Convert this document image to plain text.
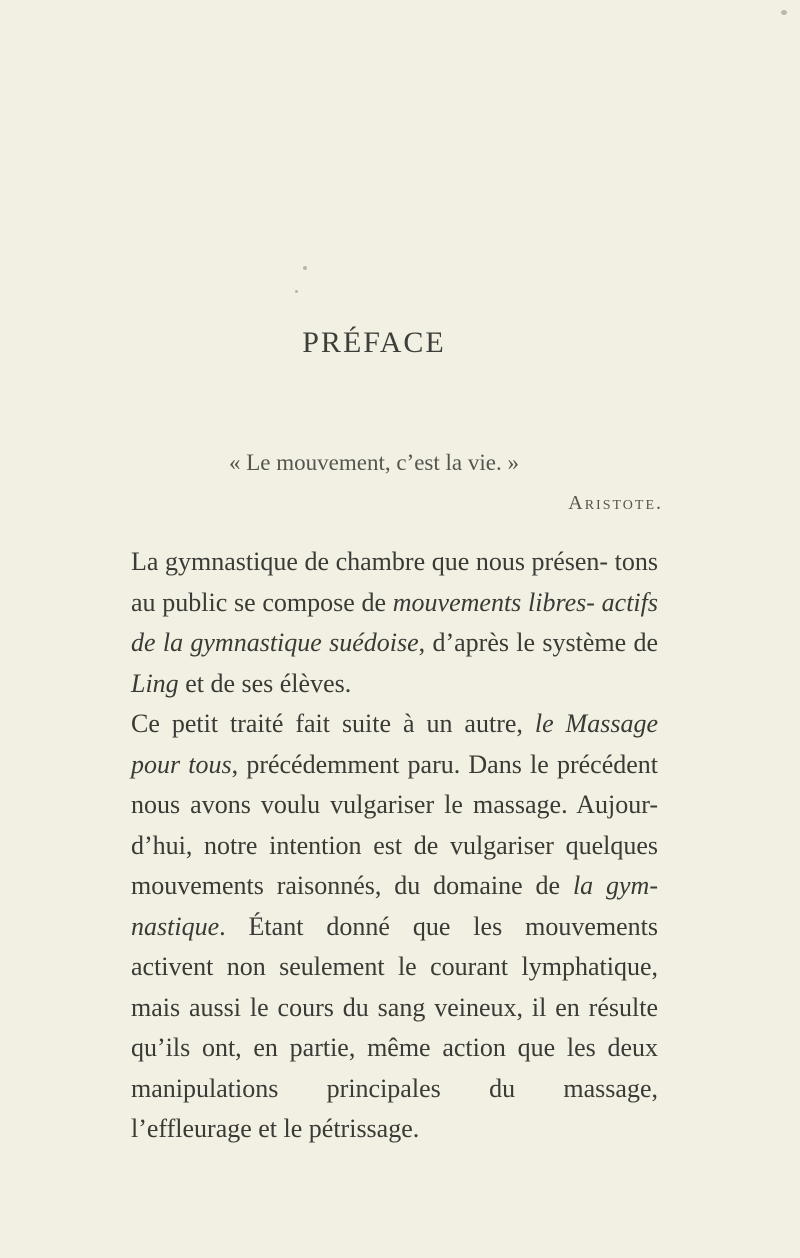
PRÉFACE
« Le mouvement, c’est la vie. »
Aristote.

La gymnastique de chambre que nous présen- tons au public se compose de mouvements libres- actifs de la gymnastique suédoise, d’après le système de Ling et de ses élèves.

Ce petit traité fait suite à un autre, le Massage pour tous, précédemment paru. Dans le précédent nous avons voulu vulgariser le massage. Aujour- d’hui, notre intention est de vulgariser quelques mouvements raisonnés, du domaine de la gym- nastique. Étant donné que les mouvements activent non seulement le courant lymphatique, mais aussi le cours du sang veineux, il en résulte qu’ils ont, en partie, même action que les deux manipulations principales du massage, l’effleurage et le pétrissage.
